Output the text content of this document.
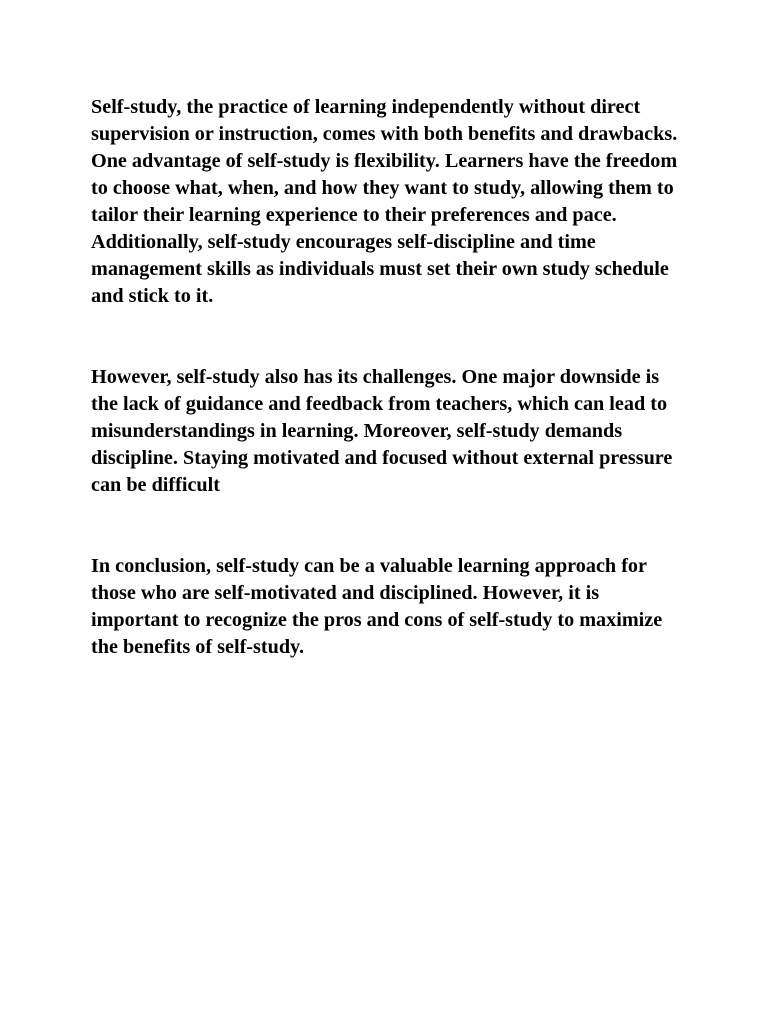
Self-study, the practice of learning independently without direct supervision or instruction, comes with both benefits and drawbacks. One advantage of self-study is flexibility. Learners have the freedom to choose what, when, and how they want to study, allowing them to tailor their learning experience to their preferences and pace. Additionally, self-study encourages self-discipline and time management skills as individuals must set their own study schedule and stick to it.

However, self-study also has its challenges. One major downside is the lack of guidance and feedback from teachers, which can lead to misunderstandings in learning. Moreover, self-study demands discipline. Staying motivated and focused without external pressure can be difficult

In conclusion, self-study can be a valuable learning approach for those who are self-motivated and disciplined. However, it is important to recognize the pros and cons of self-study to maximize the benefits of self-study.
